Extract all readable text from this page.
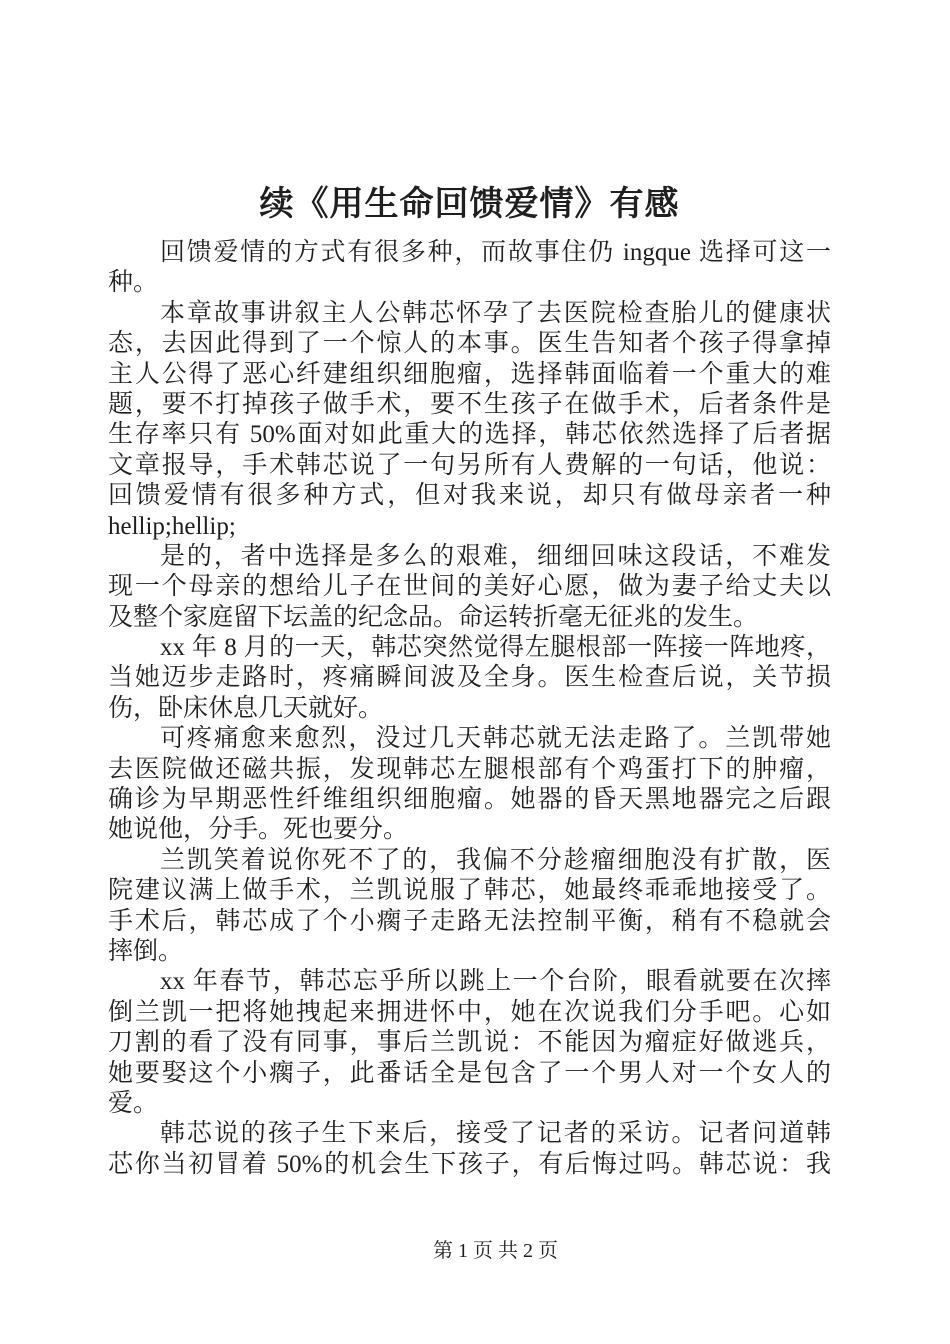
续《用生命回馈爱情》有感
回馈爱情的方式有很多种，而故事住仍 ingque 选择可这一
种。
本章故事讲叙主人公韩芯怀孕了去医院检查胎儿的健康状
态，去因此得到了一个惊人的本事。医生告知者个孩子得拿掉
主人公得了恶心纤建组织细胞瘤，选择韩面临着一个重大的难
题，要不打掉孩子做手术，要不生孩子在做手术，后者条件是
生存率只有 50%面对如此重大的选择，韩芯依然选择了后者据
文章报导，手术韩芯说了一句另所有人费解的一句话，他说：
回馈爱情有很多种方式，但对我来说，却只有做母亲者一种
hellip;hellip;
是的，者中选择是多么的艰难，细细回味这段话，不难发
现一个母亲的想给儿子在世间的美好心愿，做为妻子给丈夫以
及整个家庭留下坛盖的纪念品。命运转折毫无征兆的发生。
xx 年 8 月的一天，韩芯突然觉得左腿根部一阵接一阵地疼，
当她迈步走路时，疼痛瞬间波及全身。医生检查后说，关节损
伤，卧床休息几天就好。
可疼痛愈来愈烈，没过几天韩芯就无法走路了。兰凯带她
去医院做还磁共振，发现韩芯左腿根部有个鸡蛋打下的肿瘤，
确诊为早期恶性纤维组织细胞瘤。她器的昏天黑地器完之后跟
她说他，分手。死也要分。
兰凯笑着说你死不了的，我偏不分趁瘤细胞没有扩散，医
院建议满上做手术，兰凯说服了韩芯，她最终乖乖地接受了。
手术后，韩芯成了个小瘸子走路无法控制平衡，稍有不稳就会
摔倒。
xx 年春节，韩芯忘乎所以跳上一个台阶，眼看就要在次摔
倒兰凯一把将她拽起来拥进怀中，她在次说我们分手吧。心如
刀割的看了没有同事，事后兰凯说：不能因为瘤症好做逃兵，
她要娶这个小瘸子，此番话全是包含了一个男人对一个女人的
爱。
韩芯说的孩子生下来后，接受了记者的采访。记者问道韩
芯你当初冒着 50%的机会生下孩子，有后悔过吗。韩芯说：我
第 1 页 共 2 页
